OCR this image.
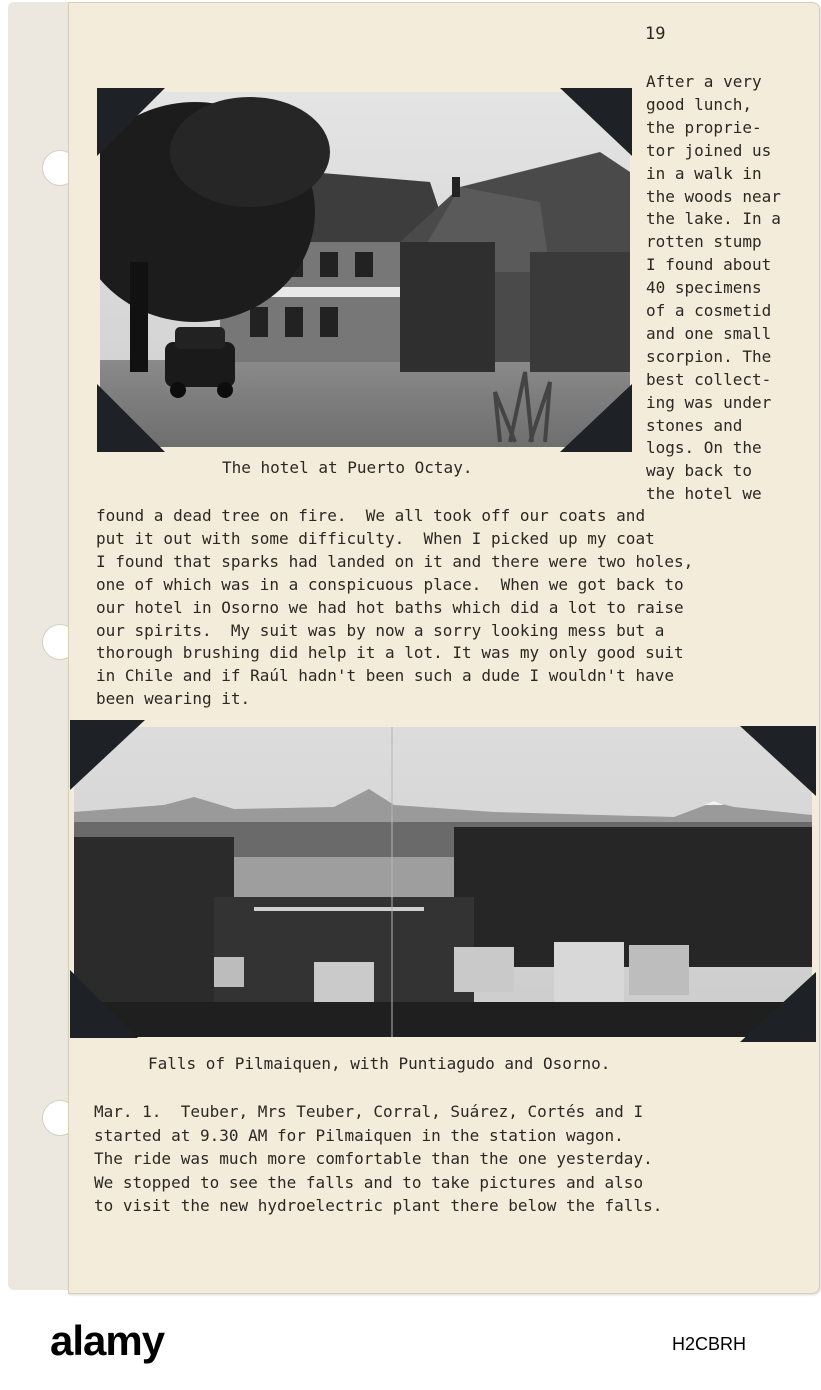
19
The hotel at Puerto Octay.
After a very
good lunch,
the proprie-
tor joined us
in a walk in
the woods near
the lake. In a
rotten stump
I found about
40 specimens
of a cosmetid
and one small
scorpion. The
best collect-
ing was under
stones and
logs. On the
way back to
the hotel we
found a dead tree on fire.  We all took off our coats and
put it out with some difficulty.  When I picked up my coat
I found that sparks had landed on it and there were two holes,
one of which was in a conspicuous place.  When we got back to
our hotel in Osorno we had hot baths which did a lot to raise
our spirits.  My suit was by now a sorry looking mess but a
thorough brushing did help it a lot. It was my only good suit
in Chile and if Raúl hadn't been such a dude I wouldn't have
been wearing it.
Falls of Pilmaiquen, with Puntiagudo and Osorno.
Mar. 1.  Teuber, Mrs Teuber, Corral, Suárez, Cortés and I
started at 9.30 AM for Pilmaiquen in the station wagon.
The ride was much more comfortable than the one yesterday.
We stopped to see the falls and to take pictures and also
to visit the new hydroelectric plant there below the falls.
alamy	H2CBRH
